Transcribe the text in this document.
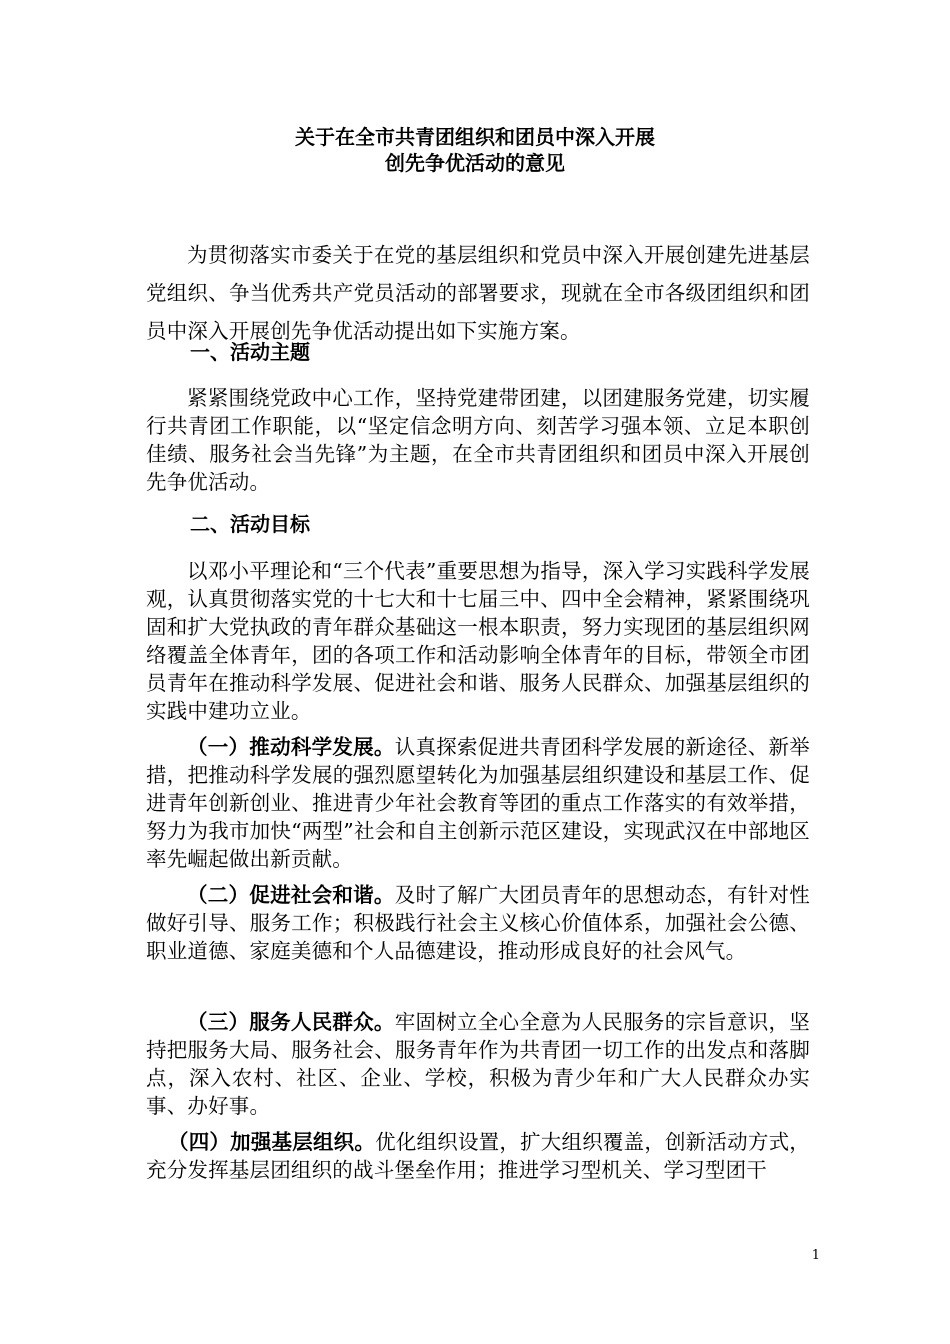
关于在全市共青团组织和团员中深入开展
创先争优活动的意见

为贯彻落实市委关于在党的基层组织和党员中深入开展创建先进基层党组织、争当优秀共产党员活动的部署要求，现就在全市各级团组织和团员中深入开展创先争优活动提出如下实施方案。

一、活动主题

紧紧围绕党政中心工作，坚持党建带团建，以团建服务党建，切实履行共青团工作职能，以“坚定信念明方向、刻苦学习强本领、立足本职创佳绩、服务社会当先锋”为主题，在全市共青团组织和团员中深入开展创先争优活动。

二、活动目标

以邓小平理论和“三个代表”重要思想为指导，深入学习实践科学发展观，认真贯彻落实党的十七大和十七届三中、四中全会精神，紧紧围绕巩固和扩大党执政的青年群众基础这一根本职责，努力实现团的基层组织网络覆盖全体青年，团的各项工作和活动影响全体青年的目标，带领全市团员青年在推动科学发展、促进社会和谐、服务人民群众、加强基层组织的实践中建功立业。

（一）推动科学发展。认真探索促进共青团科学发展的新途径、新举措，把推动科学发展的强烈愿望转化为加强基层组织建设和基层工作、促进青年创新创业、推进青少年社会教育等团的重点工作落实的有效举措，努力为我市加快“两型”社会和自主创新示范区建设，实现武汉在中部地区率先崛起做出新贡献。

（二）促进社会和谐。及时了解广大团员青年的思想动态，有针对性做好引导、服务工作；积极践行社会主义核心价值体系，加强社会公德、职业道德、家庭美德和个人品德建设，推动形成良好的社会风气。

（三）服务人民群众。牢固树立全心全意为人民服务的宗旨意识，坚持把服务大局、服务社会、服务青年作为共青团一切工作的出发点和落脚点，深入农村、社区、企业、学校，积极为青少年和广大人民群众办实事、办好事。

（四）加强基层组织。优化组织设置，扩大组织覆盖，创新活动方式，充分发挥基层团组织的战斗堡垒作用；推进学习型机关、学习型团干

1
